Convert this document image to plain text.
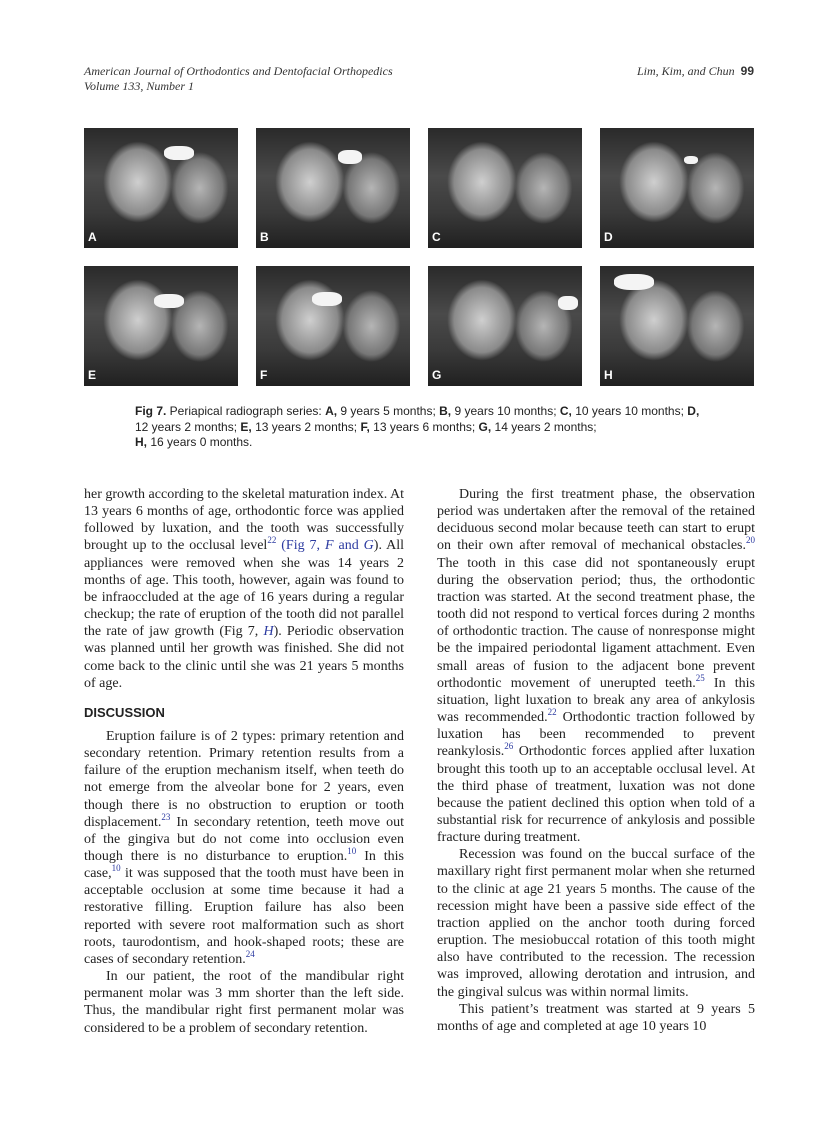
American Journal of Orthodontics and Dentofacial Orthopedics
Volume 133, Number 1
Lim, Kim, and Chun 99
A	B	C	D
E	F	G	H
Fig 7. Periapical radiograph series: A, 9 years 5 months; B, 9 years 10 months; C, 10 years 10 months; D, 12 years 2 months; E, 13 years 2 months; F, 13 years 6 months; G, 14 years 2 months;
H, 16 years 0 months.

her growth according to the skeletal maturation index. At 13 years 6 months of age, orthodontic force was applied followed by luxation, and the tooth was successfully brought up to the occlusal level$^{22}$ (Fig 7, F and G). All appliances were removed when she was 14 years 2 months of age. This tooth, however, again was found to be infraoccluded at the age of 16 years during a regular checkup; the rate of eruption of the tooth did not parallel the rate of jaw growth (Fig 7, H). Periodic observation was planned until her growth was finished. She did not come back to the clinic until she was 21 years 5 months of age.

DISCUSSION

Eruption failure is of 2 types: primary retention and secondary retention. Primary retention results from a failure of the eruption mechanism itself, when teeth do not emerge from the alveolar bone for 2 years, even though there is no obstruction to eruption or tooth displacement.$^{23}$ In secondary retention, teeth move out of the gingiva but do not come into occlusion even though there is no disturbance to eruption.$^{10}$ In this case,$^{10}$ it was supposed that the tooth must have been in acceptable occlusion at some time because it had a restorative filling. Eruption failure has also been reported with severe root malformation such as short roots, taurodontism, and hook-shaped roots; these are cases of secondary retention.$^{24}$

In our patient, the root of the mandibular right permanent molar was 3 mm shorter than the left side. Thus, the mandibular right first permanent molar was considered to be a problem of secondary retention.

During the first treatment phase, the observation period was undertaken after the removal of the retained deciduous second molar because teeth can start to erupt on their own after removal of mechanical obstacles.$^{20}$ The tooth in this case did not spontaneously erupt during the observation period; thus, the orthodontic traction was started. At the second treatment phase, the tooth did not respond to vertical forces during 2 months of orthodontic traction. The cause of nonresponse might be the impaired periodontal ligament attachment. Even small areas of fusion to the adjacent bone prevent orthodontic movement of unerupted teeth.$^{25}$ In this situation, light luxation to break any area of ankylosis was recommended.$^{22}$ Orthodontic traction followed by luxation has been recommended to prevent reankylosis.$^{26}$ Orthodontic forces applied after luxation brought this tooth up to an acceptable occlusal level. At the third phase of treatment, luxation was not done because the patient declined this option when told of a substantial risk for recurrence of ankylosis and possible fracture during treatment.

Recession was found on the buccal surface of the maxillary right first permanent molar when she returned to the clinic at age 21 years 5 months. The cause of the recession might have been a passive side effect of the traction applied on the anchor tooth during forced eruption. The mesiobuccal rotation of this tooth might also have contributed to the recession. The recession was improved, allowing derotation and intrusion, and the gingival sulcus was within normal limits.

This patient’s treatment was started at 9 years 5 months of age and completed at age 10 years 10
